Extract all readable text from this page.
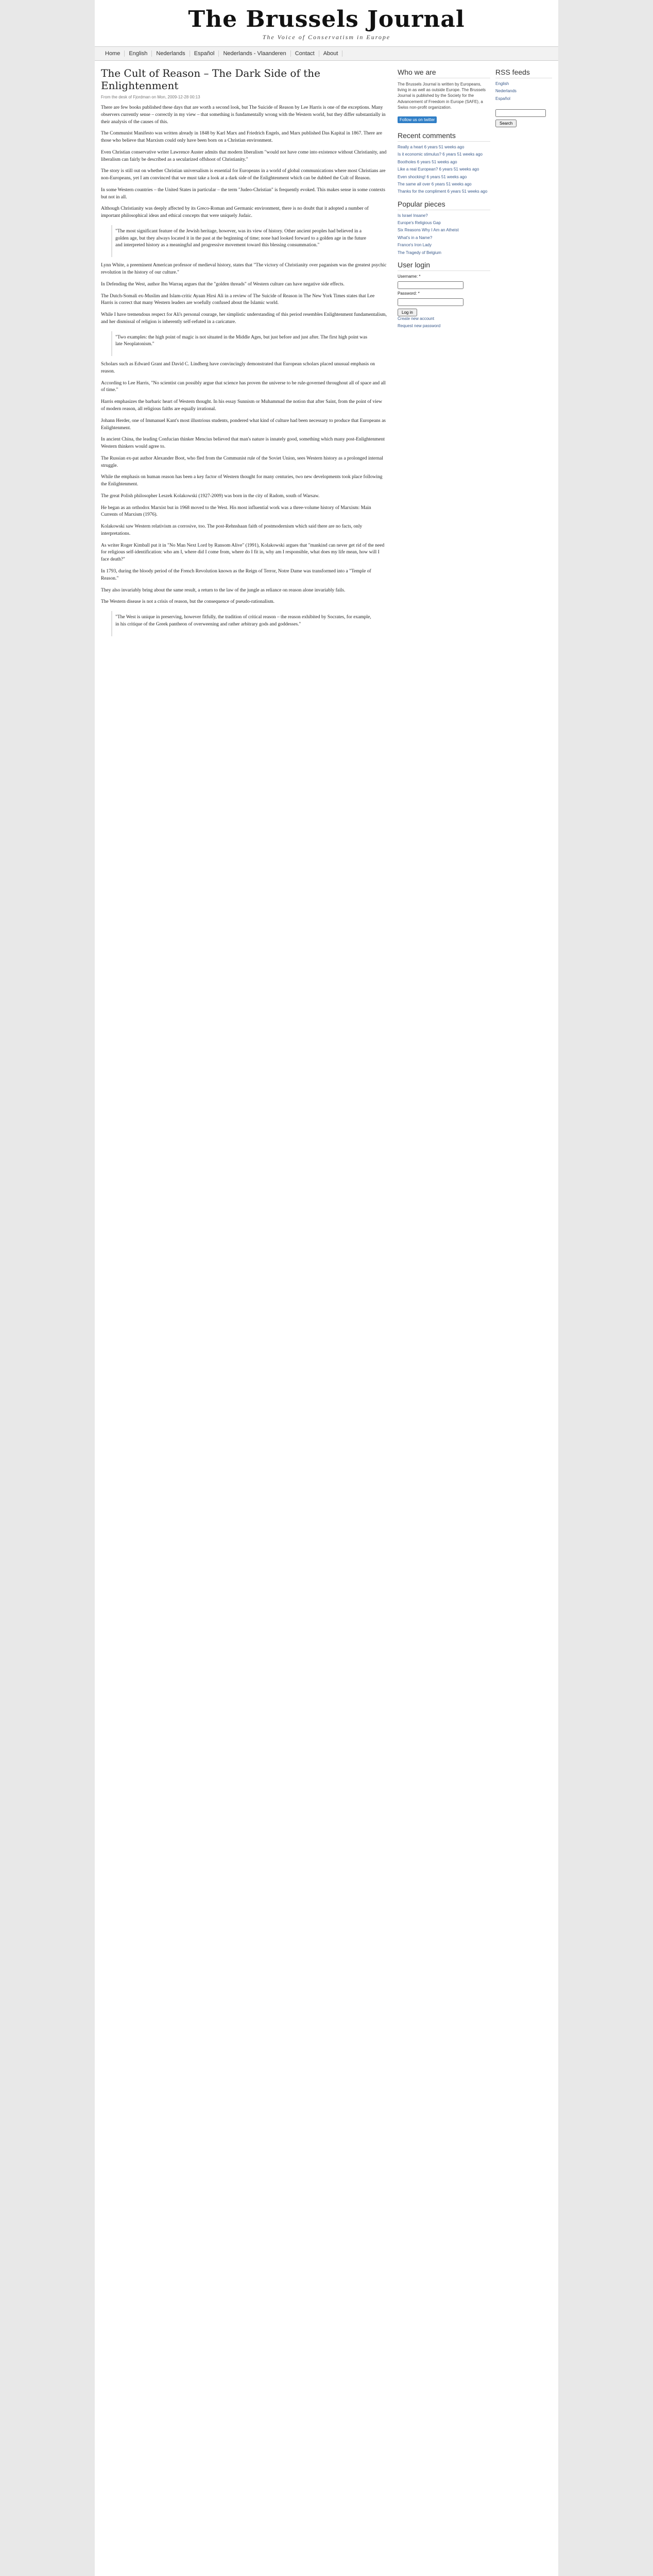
The Brussels Journal
The Voice of Conservatism in Europe
Home	English	Nederlands	Español	Nederlands - Vlaanderen	Contact	About
The Cult of Reason – The Dark Side of the Enlightenment
From the desk of Fjordman on Mon, 2009-12-28 00:13

There are few books published these days that are worth a second look, but The Suicide of Reason by Lee Harris is one of the exceptions. Many observers currently sense – correctly in my view – that something is fundamentally wrong with the Western world, but they differ substantially in their analysis of the causes of this.

The Communist Manifesto was written already in 1848 by Karl Marx and Friedrich Engels, and Marx published Das Kapital in 1867. There are those who believe that Marxism could only have been born on a Christian environment.

Even Christian conservative writer Lawrence Auster admits that modern liberalism "would not have come into existence without Christianity, and liberalism can fairly be described as a secularized offshoot of Christianity."

The story is still out on whether Christian universalism is essential for Europeans in a world of global communications where most Christians are non-Europeans, yet I am convinced that we must take a look at a dark side of the Enlightenment which can be dubbed the Cult of Reason.

In some Western countries – the United States in particular – the term "Judeo-Christian" is frequently evoked. This makes sense in some contexts but not in all.

Although Christianity was deeply affected by its Greco-Roman and Germanic environment, there is no doubt that it adopted a number of important philosophical ideas and ethical concepts that were uniquely Judaic.

"The most significant feature of the Jewish heritage, however, was its view of history. Other ancient peoples had believed in a golden age, but they always located it in the past at the beginning of time; none had looked forward to a golden age in the future and interpreted history as a meaningful and progressive movement toward this blessing consummation."

Lynn White, a preeminent American professor of medieval history, states that "The victory of Christianity over paganism was the greatest psychic revolution in the history of our culture."

In Defending the West, author Ibn Warraq argues that the "golden threads" of Western culture can have negative side effects.

The Dutch-Somali ex-Muslim and Islam-critic Ayaan Hirsi Ali in a review of The Suicide of Reason in The New York Times states that Lee Harris is correct that many Western leaders are woefully confused about the Islamic world.

While I have tremendous respect for Ali's personal courage, her simplistic understanding of this period resembles Enlightenment fundamentalism, and her dismissal of religion is inherently self-refuted in a caricature.

"Two examples: the high point of magic is not situated in the Middle Ages, but just before and just after. The first high point was late Neoplatonism."

Scholars such as Edward Grant and David C. Lindberg have convincingly demonstrated that European scholars placed unusual emphasis on reason.

According to Lee Harris, "No scientist can possibly argue that science has proven the universe to be rule-governed throughout all of space and all of time."

Harris emphasizes the barbaric heart of Western thought. In his essay Sunnism or Muhammad the notion that after Saint, from the point of view of modern reason, all religious faiths are equally irrational.

Johann Herder, one of Immanuel Kant's most illustrious students, pondered what kind of culture had been necessary to produce that Europeans as Enlightenment.

In ancient China, the leading Confucian thinker Mencius believed that man's nature is innately good, something which many post-Enlightenment Western thinkers would agree to.

The Russian ex-pat author Alexander Boot, who fled from the Communist rule of the Soviet Union, sees Western history as a prolonged internal struggle.

While the emphasis on human reason has been a key factor of Western thought for many centuries, two new developments took place following the Enlightenment.

The great Polish philosopher Leszek Kolakowski (1927-2009) was born in the city of Radom, south of Warsaw.

He began as an orthodox Marxist but in 1968 moved to the West. His most influential work was a three-volume history of Marxism: Main Currents of Marxism (1976).

Kolakowski saw Western relativism as corrosive, too. The post-Rehnshaan faith of postmodernism which said there are no facts, only interpretations.

As writer Roger Kimball put it in "No Man Next Lord by Ransom Alive" (1991), Kolakowski argues that "mankind can never get rid of the need for religious self-identification: who am I, where did I come from, where do I fit in, why am I responsible, what does my life mean, how will I face death?"

In 1793, during the bloody period of the French Revolution known as the Reign of Terror, Notre Dame was transformed into a "Temple of Reason."

They also invariably bring about the same result, a return to the law of the jungle as reliance on reason alone invariably fails.

The Western disease is not a crisis of reason, but the consequence of pseudo-rationalism.

"The West is unique in preserving, however fitfully, the tradition of critical reason – the reason exhibited by Socrates, for example, in his critique of the Greek pantheon of overweening and rather arbitrary gods and goddesses."

Who we are

The Brussels Journal is written by Europeans, living in as well as outside Europe. The Brussels Journal is published by the Society for the Advancement of Freedom in Europe (SAFE), a Swiss non-profit organization.

Follow us on twitter
Recent comments
Really a heart 6 years 51 weeks ago
Is it economic stimulus? 6 years 51 weeks ago
Bootholes 6 years 51 weeks ago
Like a real European? 6 years 51 weeks ago
Even shocking! 6 years 51 weeks ago
The same all over 6 years 51 weeks ago
Thanks for the compliment 6 years 51 weeks ago
Popular pieces
Is Israel Insane?
Europe's Religious Gap
Six Reasons Why I Am an Atheist
What's in a Name?
France's Iron Lady
The Tragedy of Belgium
User login
Username: *
Password: *
Log in
Create new account
Request new password
RSS feeds
English
Nederlands
Español
Search
